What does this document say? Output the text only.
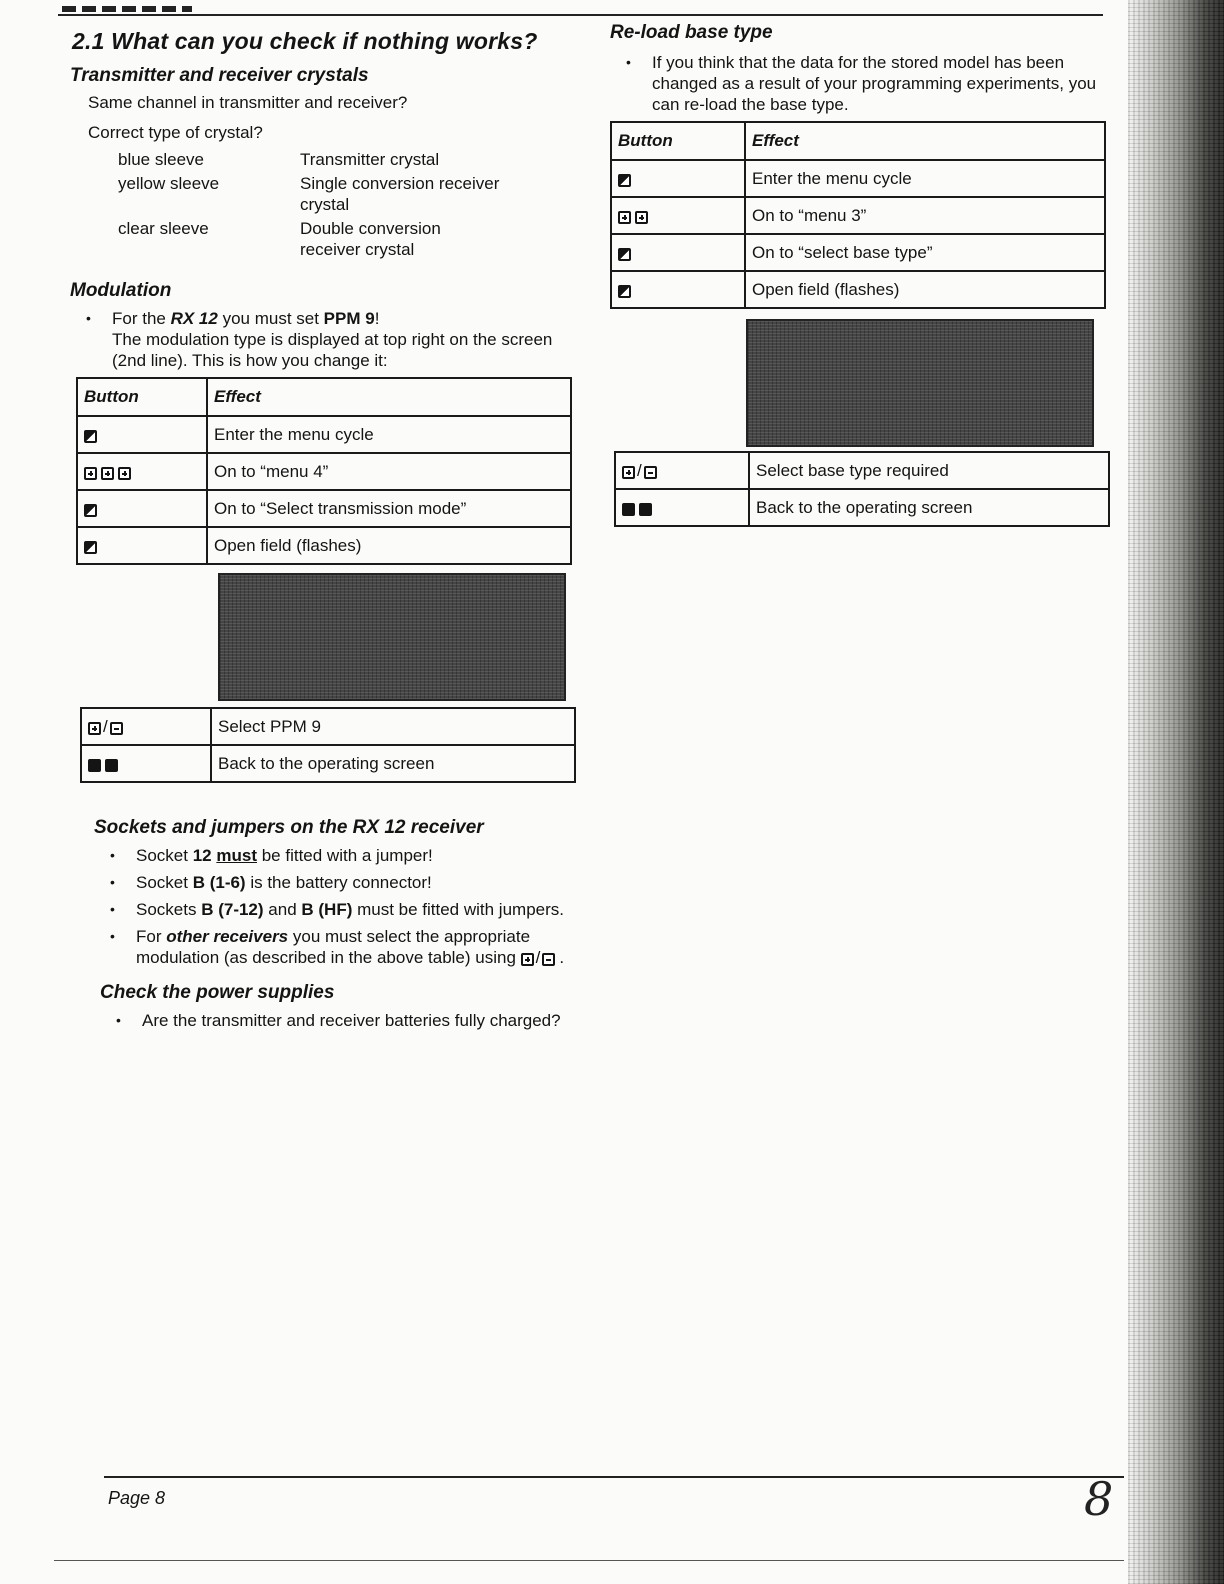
2.1 What can you check if nothing works?
Transmitter and receiver crystals

Same channel in transmitter and receiver?

Correct type of crystal?

blue sleeve	Transmitter crystal
yellow sleeve	Single conversion receiver crystal
clear sleeve	Double conversion receiver crystal
Modulation
• For the RX 12 you must set PPM 9!
The modulation type is displayed at top right on the screen (2nd line). This is how you change it:
Button	Effect
	Enter the menu cycle
	On to “menu 4”
	On to “Select transmission mode”
	Open field (flashes)
/	Select PPM 9
	Back to the operating screen
Sockets and jumpers on the RX 12 receiver
• Socket 12 must be fitted with a jumper!
• Socket B (1-6) is the battery connector!
• Sockets B (7-12) and B (HF) must be fitted with jumpers.
• For other receivers you must select the appropriate modulation (as described in the above table) using / .
Check the power supplies
• Are the transmitter and receiver batteries fully charged?
Re-load base type
• If you think that the data for the stored model has been changed as a result of your programming experiments, you can re-load the base type.
Button	Effect
	Enter the menu cycle
	On to “menu 3”
	On to “select base type”
	Open field (flashes)
/	Select base type required
	Back to the operating screen
Page 8	8
